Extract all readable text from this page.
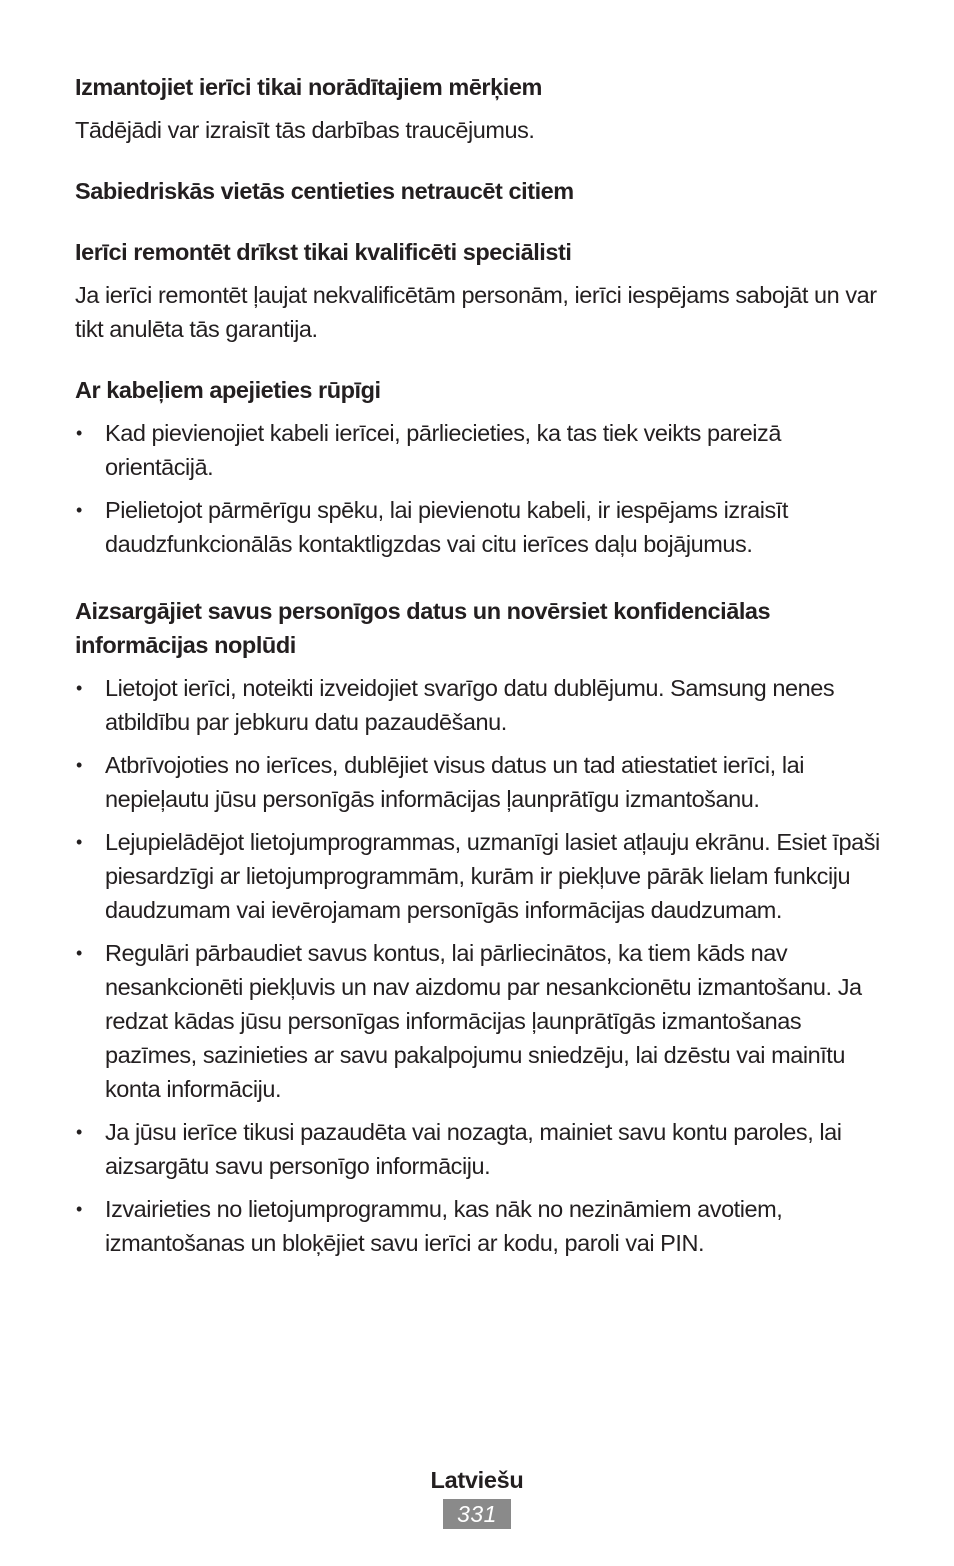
Izmantojiet ierīci tikai norādītajiem mērķiem

Tādējādi var izraisīt tās darbības traucējumus.

Sabiedriskās vietās centieties netraucēt citiem
Ierīci remontēt drīkst tikai kvalificēti speciālisti

Ja ierīci remontēt ļaujat nekvalificētām personām, ierīci iespējams sabojāt un var tikt anulēta tās garantija.

Ar kabeļiem apejieties rūpīgi
• Kad pievienojiet kabeli ierīcei, pārliecieties, ka tas tiek veikts pareizā orientācijā.
• Pielietojot pārmērīgu spēku, lai pievienotu kabeli, ir iespējams izraisīt daudzfunkcionālās kontaktligzdas vai citu ierīces daļu bojājumus.
Aizsargājiet savus personīgos datus un novērsiet konfidenciālas informācijas noplūdi
• Lietojot ierīci, noteikti izveidojiet svarīgo datu dublējumu. Samsung nenes atbildību par jebkuru datu pazaudēšanu.
• Atbrīvojoties no ierīces, dublējiet visus datus un tad atiestatiet ierīci, lai nepieļautu jūsu personīgās informācijas ļaunprātīgu izmantošanu.
• Lejupielādējot lietojumprogrammas, uzmanīgi lasiet atļauju ekrānu. Esiet īpaši piesardzīgi ar lietojumprogrammām, kurām ir piekļuve pārāk lielam funkciju daudzumam vai ievērojamam personīgās informācijas daudzumam.
• Regulāri pārbaudiet savus kontus, lai pārliecinātos, ka tiem kāds nav nesankcionēti piekļuvis un nav aizdomu par nesankcionētu izmantošanu. Ja redzat kādas jūsu personīgas informācijas ļaunprātīgās izmantošanas pazīmes, sazinieties ar savu pakalpojumu sniedzēju, lai dzēstu vai mainītu konta informāciju.
• Ja jūsu ierīce tikusi pazaudēta vai nozagta, mainiet savu kontu paroles, lai aizsargātu savu personīgo informāciju.
• Izvairieties no lietojumprogrammu, kas nāk no nezināmiem avotiem, izmantošanas un bloķējiet savu ierīci ar kodu, paroli vai PIN.
Latviešu
331
